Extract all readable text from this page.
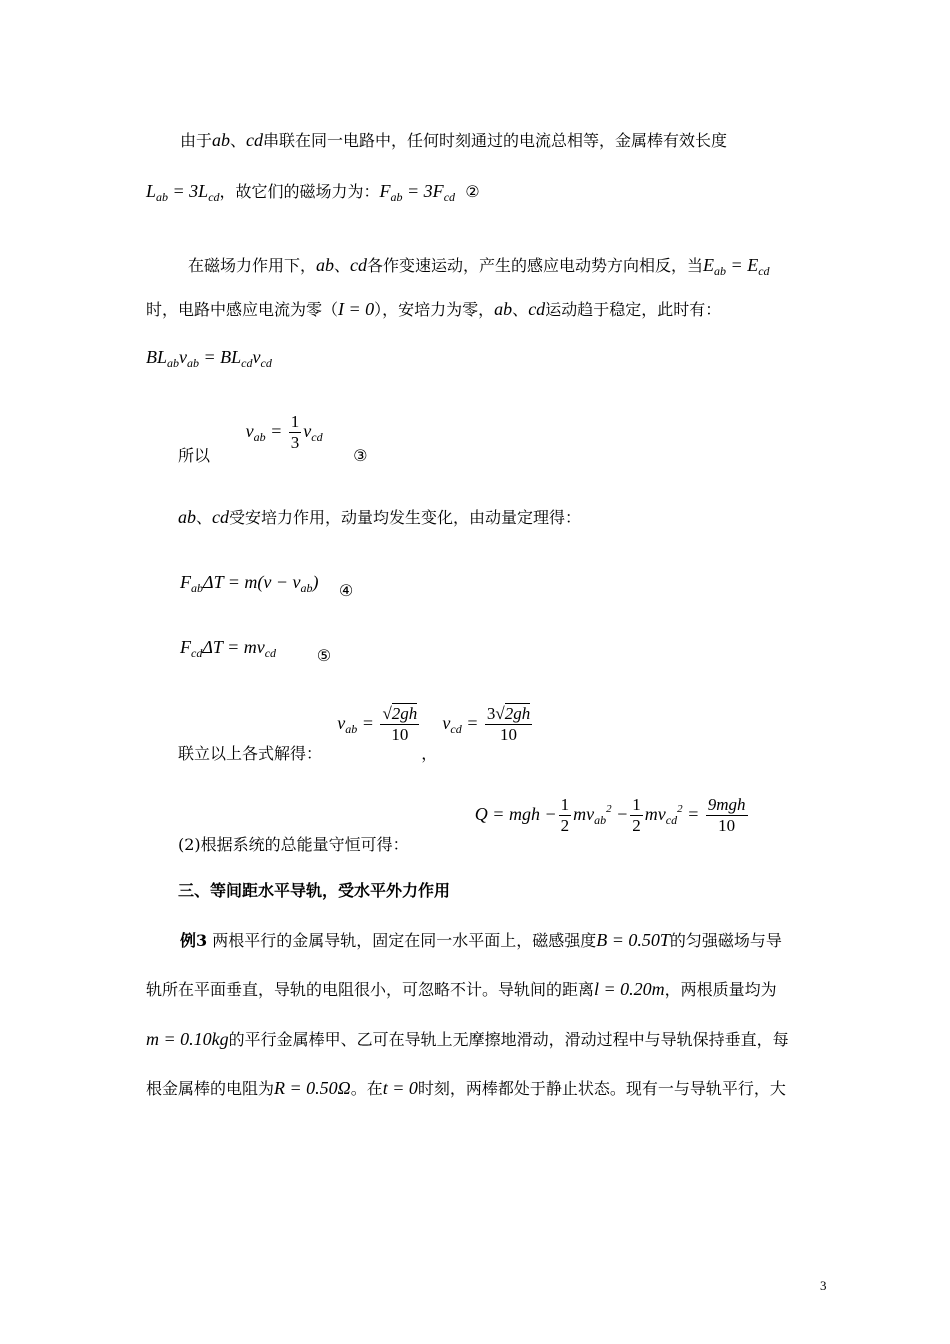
由于ab、cd串联在同一电路中，任何时刻通过的电流总相等，金属棒有效长度
$L_{ab} = 3L_{cd}$，故它们的磁场力为：$F_{ab} = 3F_{cd}$ ②
在磁场力作用下，ab、cd各作变速运动，产生的感应电动势方向相反，当$E_{ab} = E_{cd}$
时，电路中感应电流为零（I = 0），安培力为零，ab、cd运动趋于稳定，此时有：
$BL_{ab}v_{ab} = BL_{cd}v_{cd}$
所以       $v_{ab} = \frac{1}{3} v_{cd}$      ③
ab、cd受安培力作用，动量均发生变化，由动量定理得：
$F_{ab}\Delta T = m(v - v_{ab})$ ④
$F_{cd}\Delta T = mv_{cd}$	⑤
联立以上各式解得：   $v_{ab} = \frac{√2gh}{10}$
， $v_{cd} = \frac{3√2gh}{10}$
(2)根据系统的总能量守恒可得：             Q = mgh − $\frac{1}{2} mv_{ab}^2 - \frac{1}{2} mv_{cd}^2 = \frac{\text{9mgh}}{10}$
三、等间距水平导轨，受水平外力作用
例3 两根平行的金属导轨，固定在同一水平面上，磁感强度B = 0.50T的匀强磁场与导
轨所在平面垂直，导轨的电阻很小，可忽略不计。导轨间的距离l = 0.20m，两根质量均为
m = 0.10kg的平行金属棒甲、乙可在导轨上无摩擦地滑动，滑动过程中与导轨保持垂直，每
根金属棒的电阻为R = 0.50Ω。在t = 0时刻，两棒都处于静止状态。现有一与导轨平行，大
3
